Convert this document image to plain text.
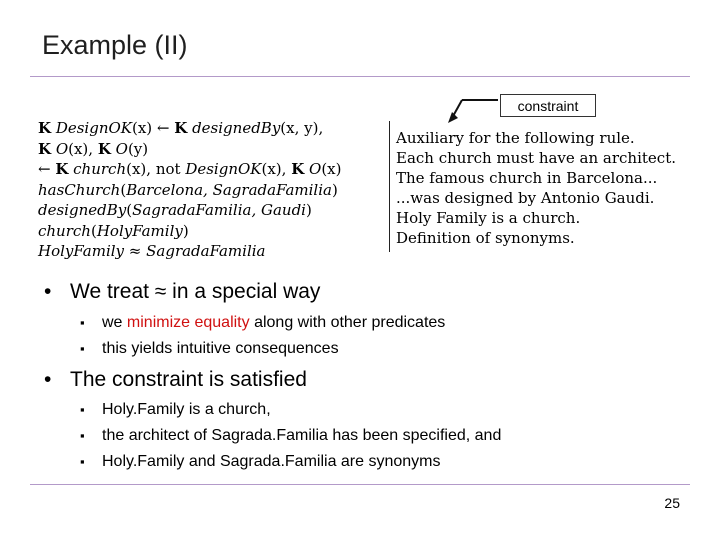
Example (II)
constraint
K DesignOK(x) ← K designedBy(x, y),
K O(x), K O(y)
← K church(x), not DesignOK(x), K O(x)
hasChurch(Barcelona, SagradaFamilia)
designedBy(SagradaFamilia, Gaudi)
church(HolyFamily)
HolyFamily ≈ SagradaFamilia
Auxiliary for the following rule.
Each church must have an architect.
The famous church in Barcelona...
...was designed by Antonio Gaudi.
Holy Family is a church.
Definition of synonyms.
• We treat ≈ in a special way
▪ we minimize equality along with other predicates
▪ this yields intuitive consequences
• The constraint is satisfied
▪ Holy.Family is a church,
▪ the architect of Sagrada.Familia has been specified, and
▪ Holy.Family and Sagrada.Familia are synonyms
25
